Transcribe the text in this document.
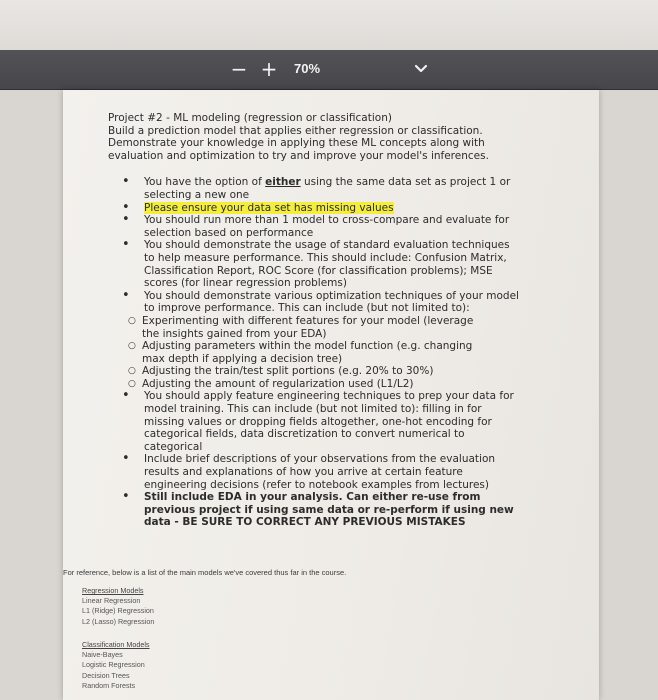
− + 70%

Project #2 - ML modeling (regression or classification)

Build a prediction model that applies either regression or classification.

Demonstrate your knowledge in applying these ML concepts along with

evaluation and optimization to try and improve your model's inferences.

• You have the option of either using the same data set as project 1 or
selecting a new one
• Please ensure your data set has missing values
• You should run more than 1 model to cross-compare and evaluate for
selection based on performance
• You should demonstrate the usage of standard evaluation techniques
to help measure performance. This should include: Confusion Matrix,
Classification Report, ROC Score (for classification problems); MSE
scores (for linear regression problems)
• You should demonstrate various optimization techniques of your model
to improve performance. This can include (but not limited to):
○ Experimenting with different features for your model (leverage
the insights gained from your EDA)
○ Adjusting parameters within the model function (e.g. changing
max depth if applying a decision tree)
○ Adjusting the train/test split portions (e.g. 20% to 30%)
○ Adjusting the amount of regularization used (L1/L2)
• You should apply feature engineering techniques to prep your data for
model training. This can include (but not limited to): filling in for
missing values or dropping fields altogether, one-hot encoding for
categorical fields, data discretization to convert numerical to
categorical
• Include brief descriptions of your observations from the evaluation
results and explanations of how you arrive at certain feature
engineering decisions (refer to notebook examples from lectures)
• Still include EDA in your analysis. Can either re-use from
previous project if using same data or re-perform if using new
data - BE SURE TO CORRECT ANY PREVIOUS MISTAKES
For reference, below is a list of the main models we've covered thus far in the course.
Regression Models
Linear Regression
L1 (Ridge) Regression
L2 (Lasso) Regression
Classification Models
Naive-Bayes
Logistic Regression
Decision Trees
Random Forests
